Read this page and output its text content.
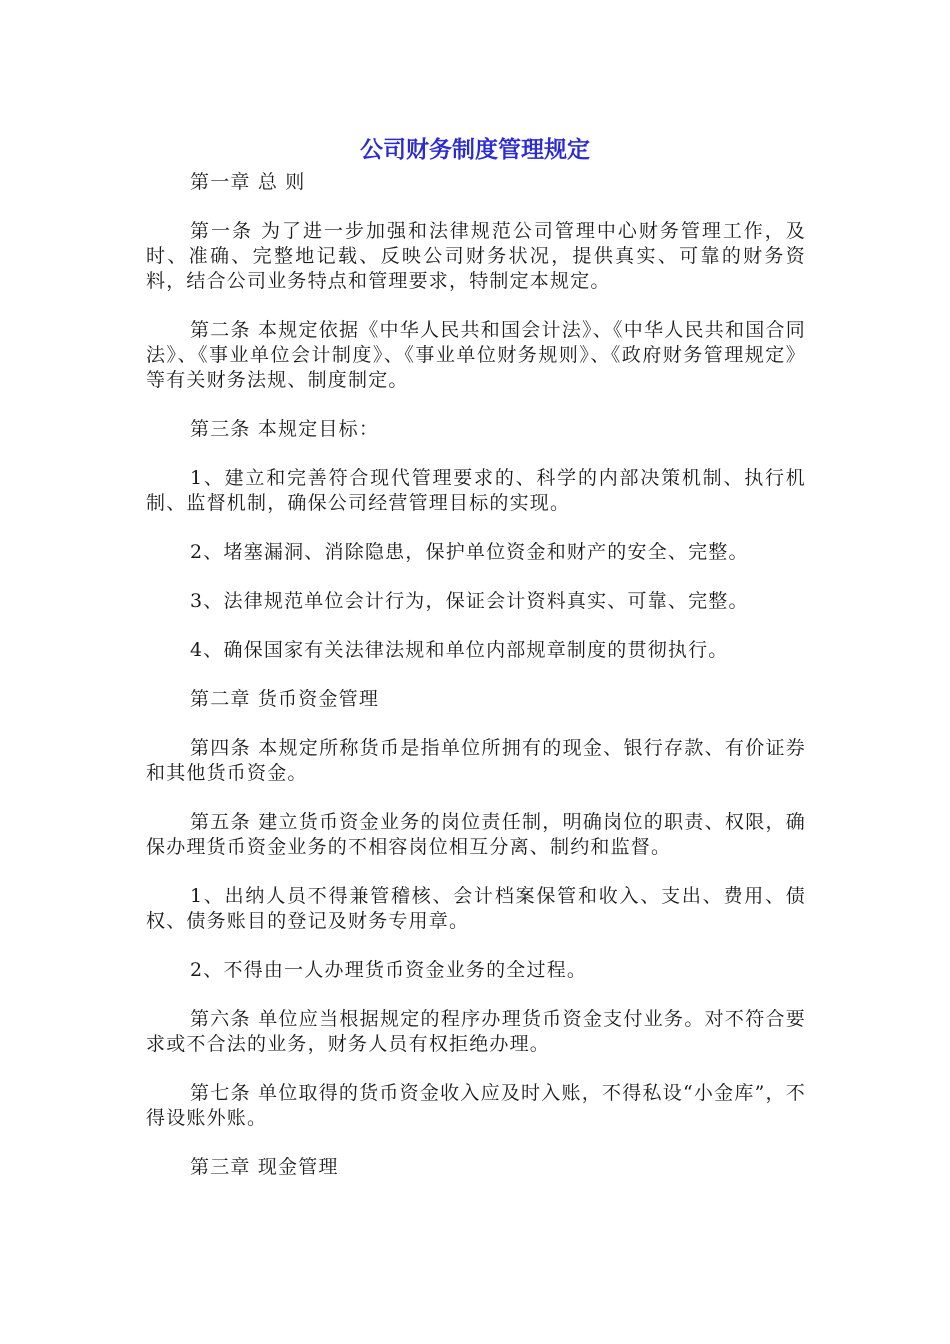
公司财务制度管理规定

第一章 总 则

第一条 为了进一步加强和法律规范公司管理中心财务管理工作，及时、准确、完整地记载、反映公司财务状况，提供真实、可靠的财务资料，结合公司业务特点和管理要求，特制定本规定。

第二条 本规定依据《中华人民共和国会计法》、《中华人民共和国合同法》、《事业单位会计制度》、《事业单位财务规则》、《政府财务管理规定》等有关财务法规、制度制定。

第三条 本规定目标：

1、建立和完善符合现代管理要求的、科学的内部决策机制、执行机制、监督机制，确保公司经营管理目标的实现。

2、堵塞漏洞、消除隐患，保护单位资金和财产的安全、完整。

3、法律规范单位会计行为，保证会计资料真实、可靠、完整。

4、确保国家有关法律法规和单位内部规章制度的贯彻执行。

第二章 货币资金管理

第四条 本规定所称货币是指单位所拥有的现金、银行存款、有价证券和其他货币资金。

第五条 建立货币资金业务的岗位责任制，明确岗位的职责、权限，确保办理货币资金业务的不相容岗位相互分离、制约和监督。

1、出纳人员不得兼管稽核、会计档案保管和收入、支出、费用、债权、债务账目的登记及财务专用章。

2、不得由一人办理货币资金业务的全过程。

第六条 单位应当根据规定的程序办理货币资金支付业务。对不符合要求或不合法的业务，财务人员有权拒绝办理。

第七条 单位取得的货币资金收入应及时入账，不得私设“小金库”，不得设账外账。

第三章 现金管理
